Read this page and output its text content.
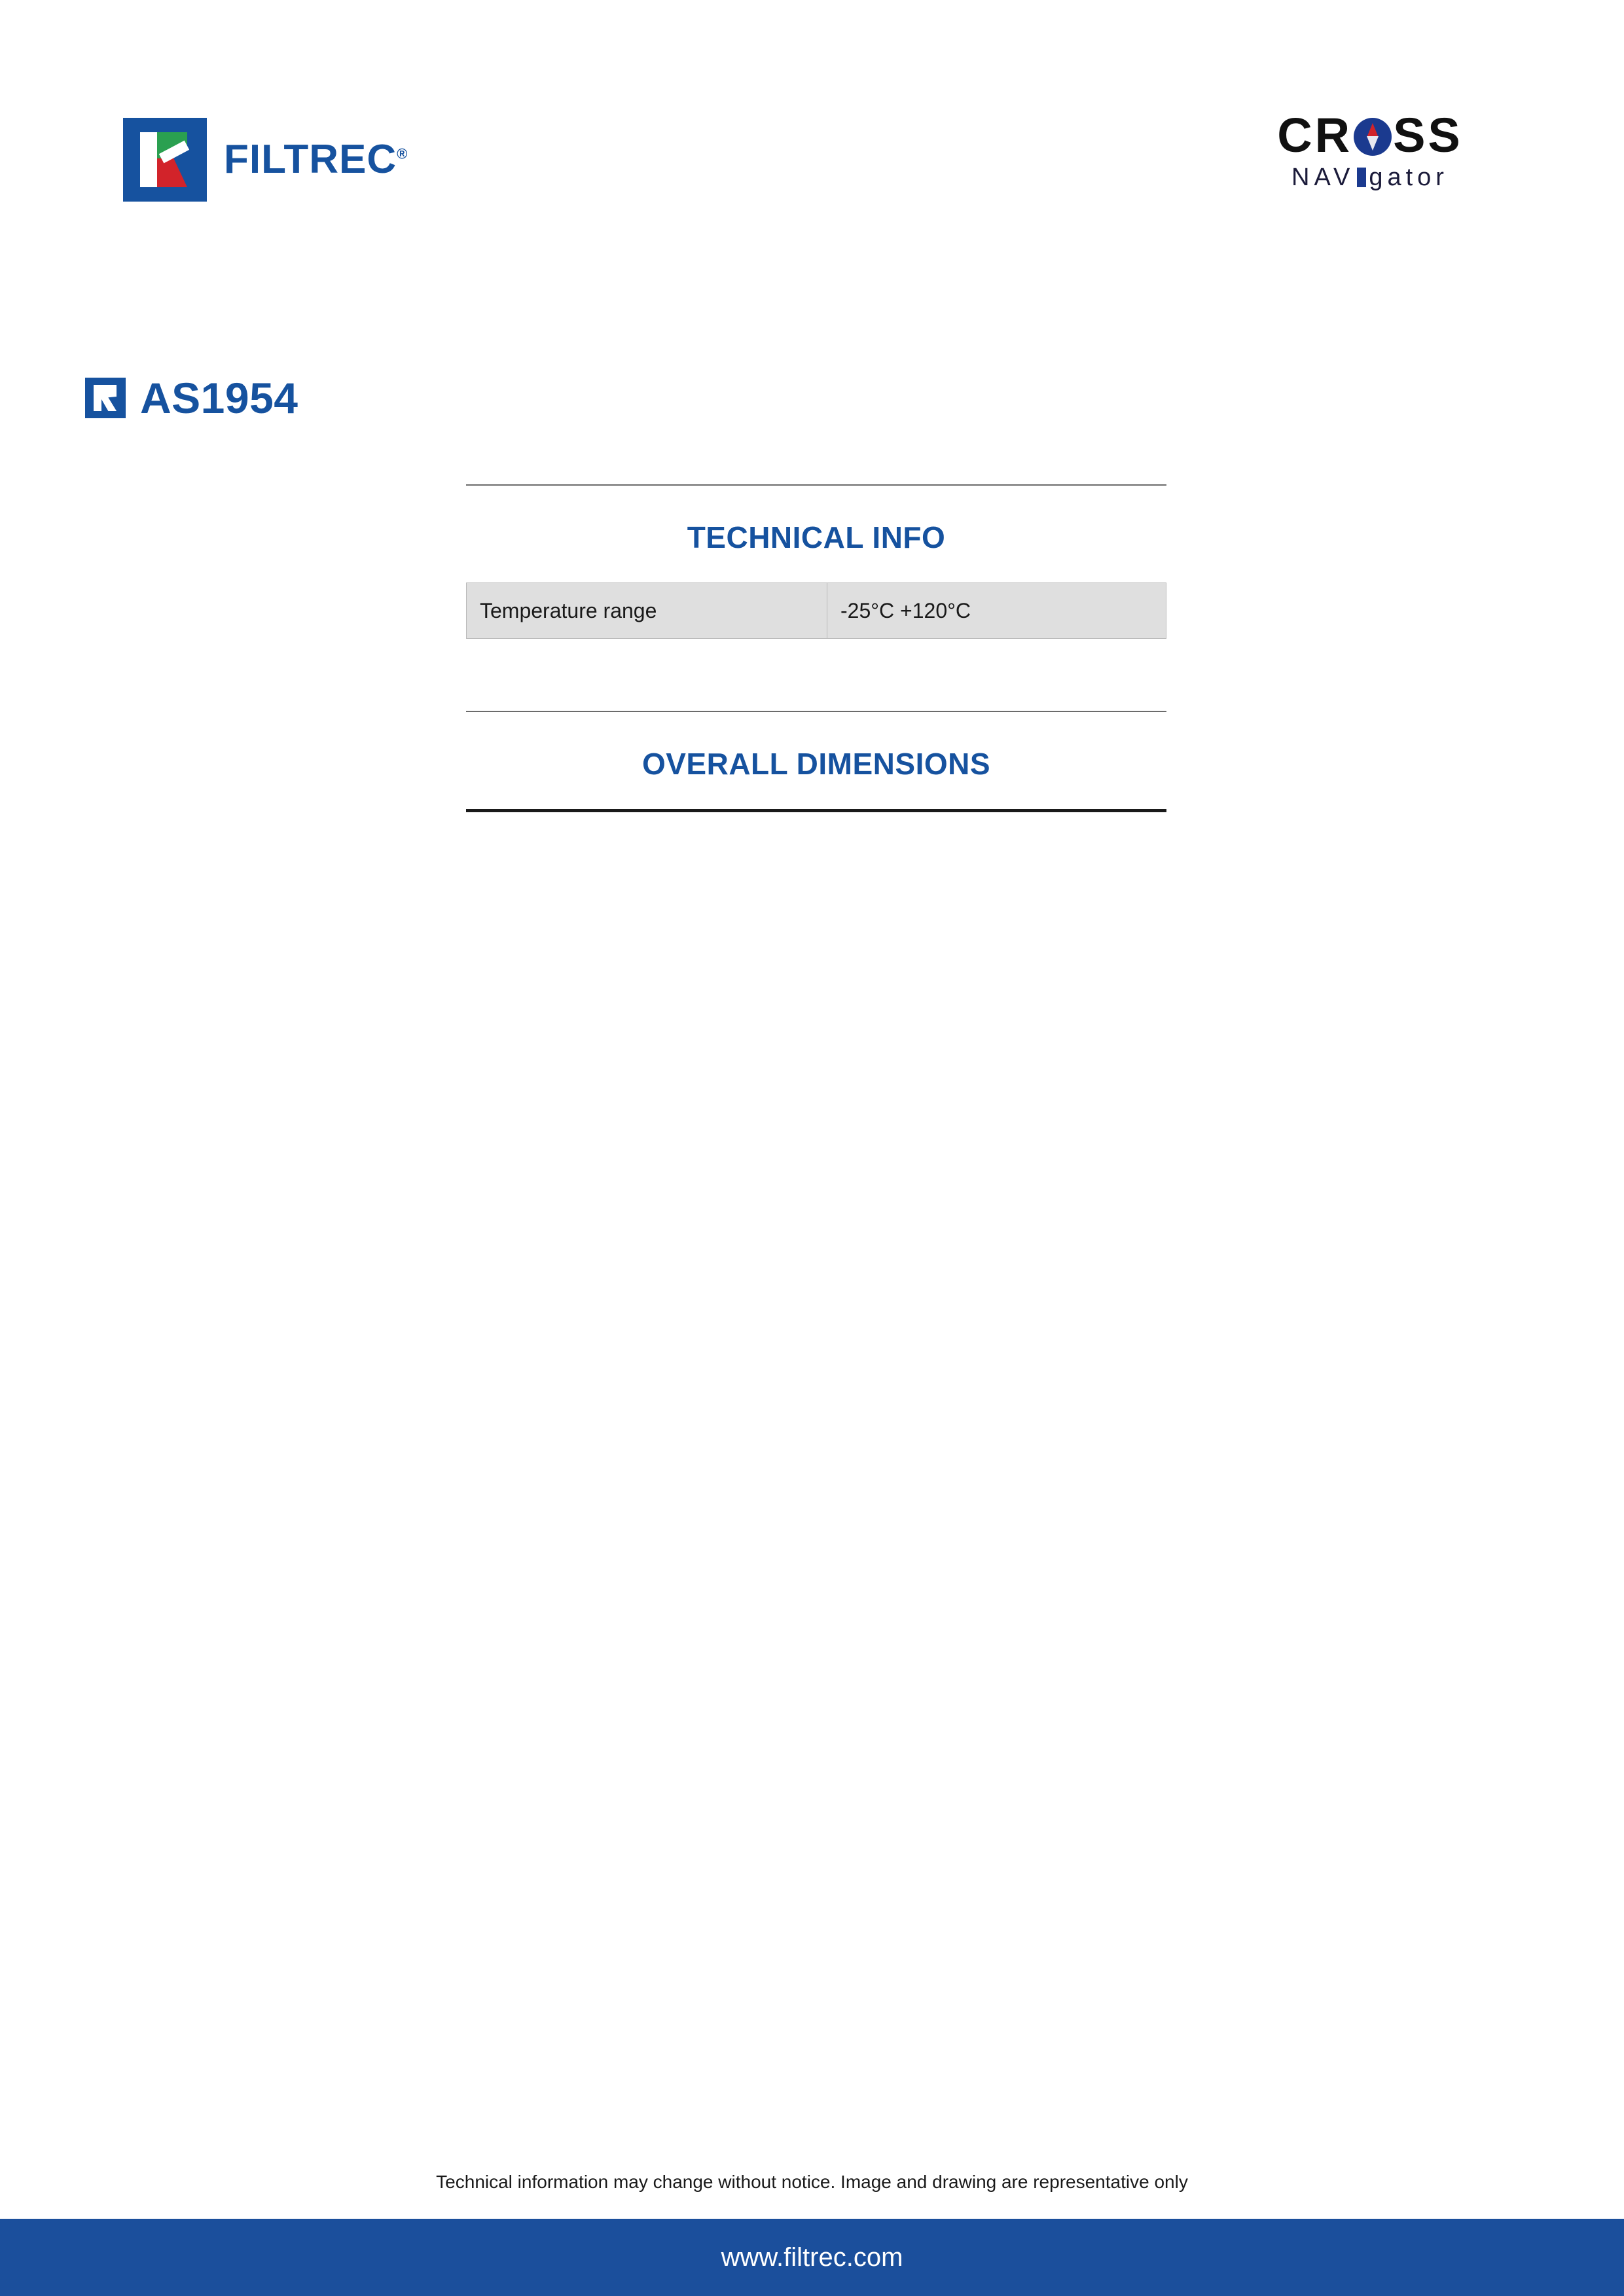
FILTREC®	CR SS
NAV gator
AS1954
TECHNICAL INFO
Temperature range	-25°C +120°C
OVERALL DIMENSIONS
Technical information may change without notice. Image and drawing are representative only
www.filtrec.com
